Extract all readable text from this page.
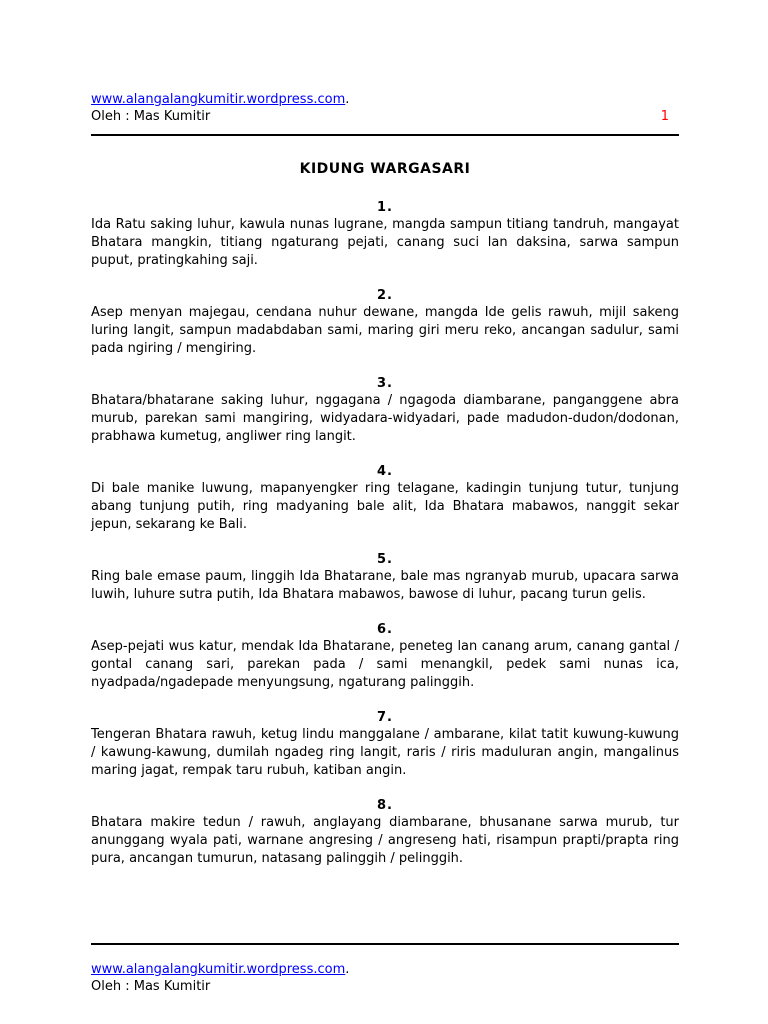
www.alangalangkumitir.wordpress.com.
Oleh : Mas Kumitir	1
KIDUNG WARGASARI
1.
Ida Ratu saking luhur, kawula nunas lugrane, mangda sampun titiang tandruh, mangayat Bhatara mangkin, titiang ngaturang pejati, canang suci lan daksina, sarwa sampun puput, pratingkahing saji.
2.
Asep menyan majegau, cendana nuhur dewane, mangda Ide gelis rawuh, mijil sakeng luring langit, sampun madabdaban sami, maring giri meru reko, ancangan sadulur, sami pada ngiring / mengiring.
3.
Bhatara/bhatarane saking luhur, nggagana / ngagoda diambarane, panganggene abra murub, parekan sami mangiring, widyadara-widyadari, pade madudon-dudon/dodonan, prabhawa kumetug, angliwer ring langit.
4.
Di bale manike luwung, mapanyengker ring telagane, kadingin tunjung tutur, tunjung abang tunjung putih, ring madyaning bale alit, Ida Bhatara mabawos, nanggit sekar jepun, sekarang ke Bali.
5.
Ring bale emase paum, linggih Ida Bhatarane, bale mas ngranyab murub, upacara sarwa luwih, luhure sutra putih, Ida Bhatara mabawos, bawose di luhur, pacang turun gelis.
6.
Asep-pejati wus katur, mendak Ida Bhatarane, peneteg lan canang arum, canang gantal / gontal canang sari, parekan pada / sami menangkil, pedek sami nunas ica, nyadpada/ngadepade menyungsung, ngaturang palinggih.
7.
Tengeran Bhatara rawuh, ketug lindu manggalane / ambarane, kilat tatit kuwung-kuwung / kawung-kawung, dumilah ngadeg ring langit, raris / riris maduluran angin, mangalinus maring jagat, rempak taru rubuh, katiban angin.
8.
Bhatara makire tedun / rawuh, anglayang diambarane, bhusanane sarwa murub, tur anunggang wyala pati, warnane angresing / angreseng hati, risampun prapti/prapta ring pura, ancangan tumurun, natasang palinggih / pelinggih.
www.alangalangkumitir.wordpress.com.
Oleh : Mas Kumitir
